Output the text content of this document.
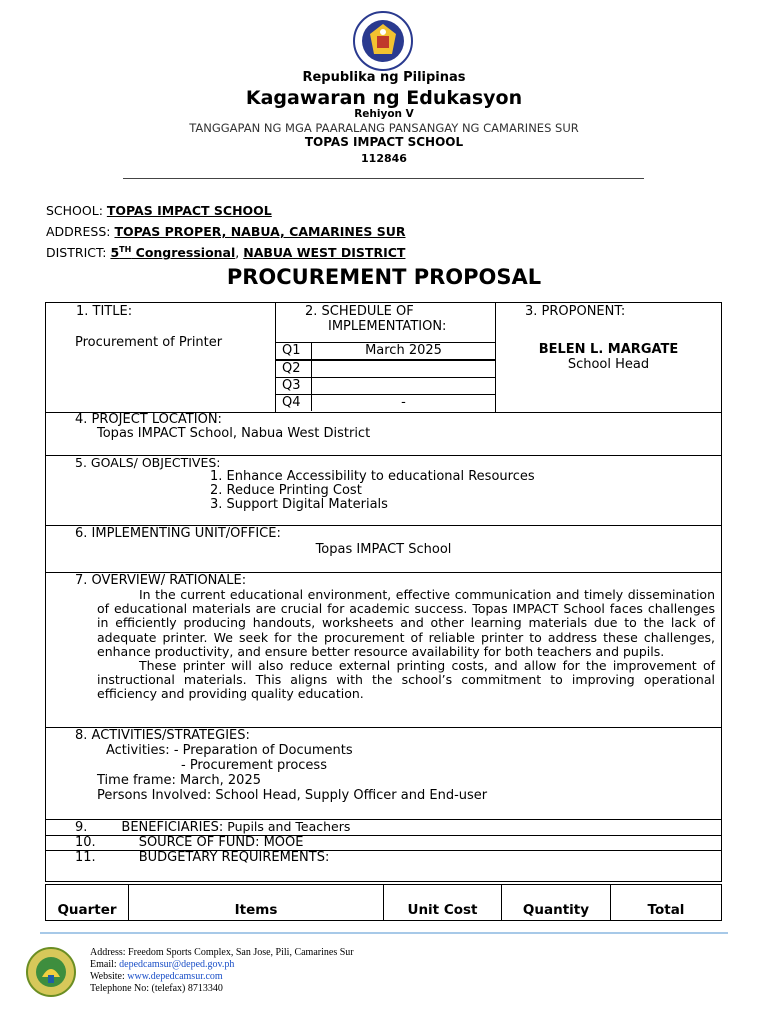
Republika ng Pilipinas
Kagawaran ng Edukasyon
Rehiyon V
TANGGAPAN NG MGA PAARALANG PANSANGAY NG CAMARINES SUR
TOPAS IMPACT SCHOOL
112846
SCHOOL: TOPAS IMPACT SCHOOL
ADDRESS: TOPAS PROPER, NABUA, CAMARINES SUR
DISTRICT: 5TH Congressional, NABUA WEST DISTRICT
PROCUREMENT PROPOSAL
1. TITLE:
Procurement of Printer

2. SCHEDULE OF
IMPLEMENTATION:
Q1	March 2025
Q2
Q3
Q4	-

3. PROPONENT:
BELEN L. MARGATE
School Head

4. PROJECT LOCATION:
Topas IMPACT School, Nabua West District

5. GOALS/ OBJECTIVES:
1. Enhance Accessibility to educational Resources
2. Reduce Printing Cost
3. Support Digital Materials

6. IMPLEMENTING UNIT/OFFICE:
Topas IMPACT School

7. OVERVIEW/ RATIONALE:
In the current educational environment, effective communication and timely dissemination of educational materials are crucial for academic success. Topas IMPACT School faces challenges in efficiently producing handouts, worksheets and other learning materials due to the lack of adequate printer. We seek for the procurement of reliable printer to address these challenges, enhance productivity, and ensure better resource availability for both teachers and pupils.
These printer will also reduce external printing costs, and allow for the improvement of instructional materials. This aligns with the school’s commitment to improving operational efficiency and providing quality education.

8. ACTIVITIES/STRATEGIES:
Activities: - Preparation of Documents
- Procurement process
Time frame: March, 2025
Persons Involved: School Head, Supply Officer and End-user

9.	BENEFICIARIES: Pupils and Teachers

10.	SOURCE OF FUND: MOOE

11.	BUDGETARY REQUIREMENTS:
Quarter	Items	Unit Cost	Quantity	Total
Address: Freedom Sports Complex, San Jose, Pili, Camarines Sur
Email: depedcamsur@deped.gov.ph
Website: www.depedcamsur.com
Telephone No: (telefax) 8713340
